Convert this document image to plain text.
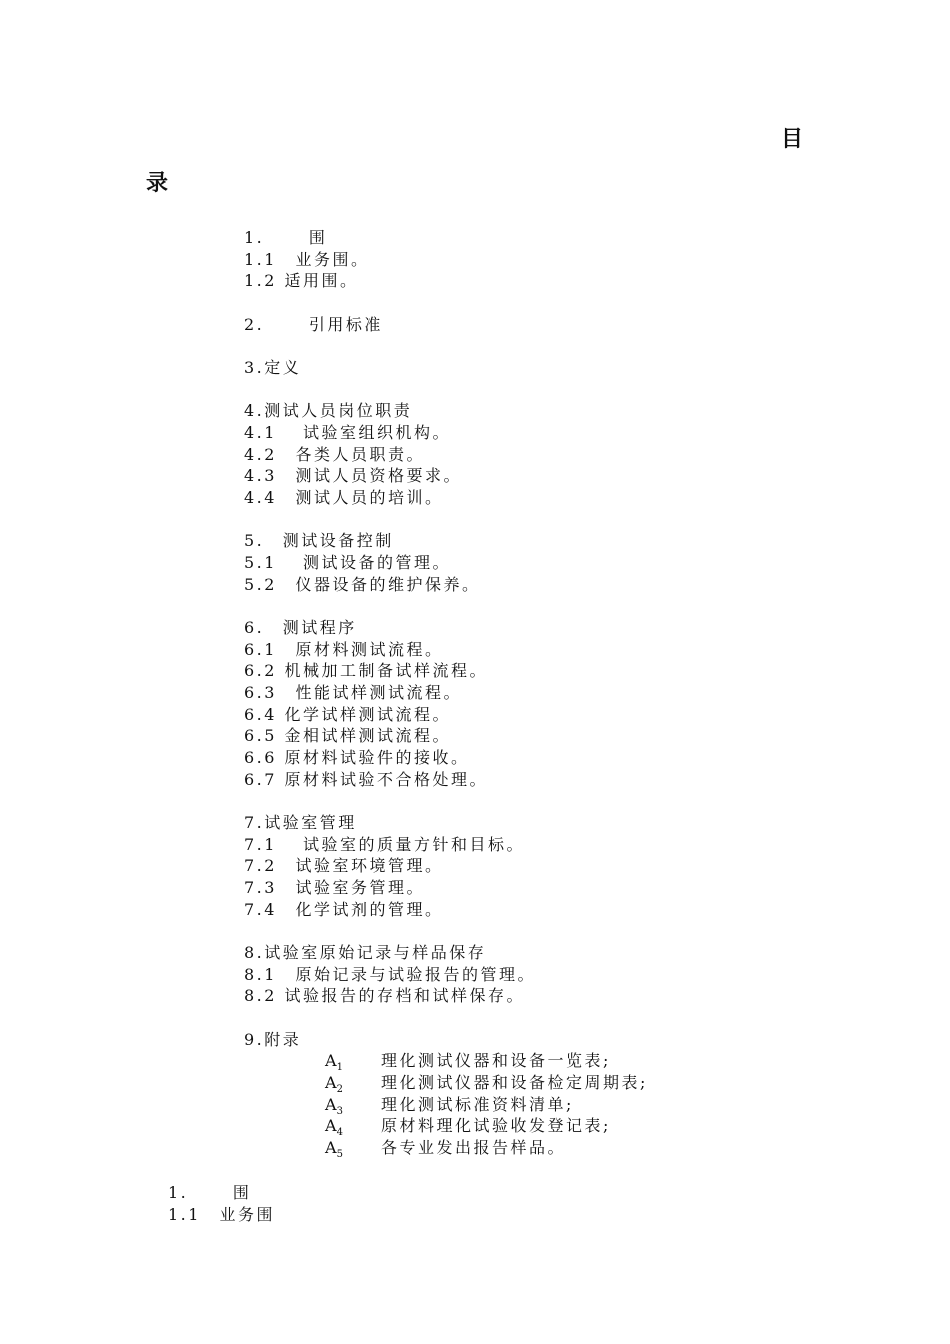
目
录
1.　　 围
1.1　业务围。
1.2 适用围。
2.　　 引用标准
3.定义
4.测试人员岗位职责
4.1　 试验室组织机构。
4.2　各类人员职责。
4.3　测试人员资格要求。
4.4　测试人员的培训。
5.　测试设备控制
5.1　 测试设备的管理。
5.2　仪器设备的维护保养。
6.　测试程序
6.1　原材料测试流程。
6.2 机械加工制备试样流程。
6.3　性能试样测试流程。
6.4 化学试样测试流程。
6.5 金相试样测试流程。
6.6 原材料试验件的接收。
6.7 原材料试验不合格处理。
7.试验室管理
7.1　 试验室的质量方针和目标。
7.2　试验室环境管理。
7.3　试验室务管理。
7.4　化学试剂的管理。
8.试验室原始记录与样品保存
8.1　原始记录与试验报告的管理。
8.2 试验报告的存档和试样保存。
9.附录
$A_1$ 理化测试仪器和设备一览表;
$A_2$ 理化测试仪器和设备检定周期表;
$A_3$ 理化测试标准资料清单;
$A_4$ 原材料理化试验收发登记表;
$A_5$ 各专业发出报告样品。
1.　　 围
1.1　业务围
